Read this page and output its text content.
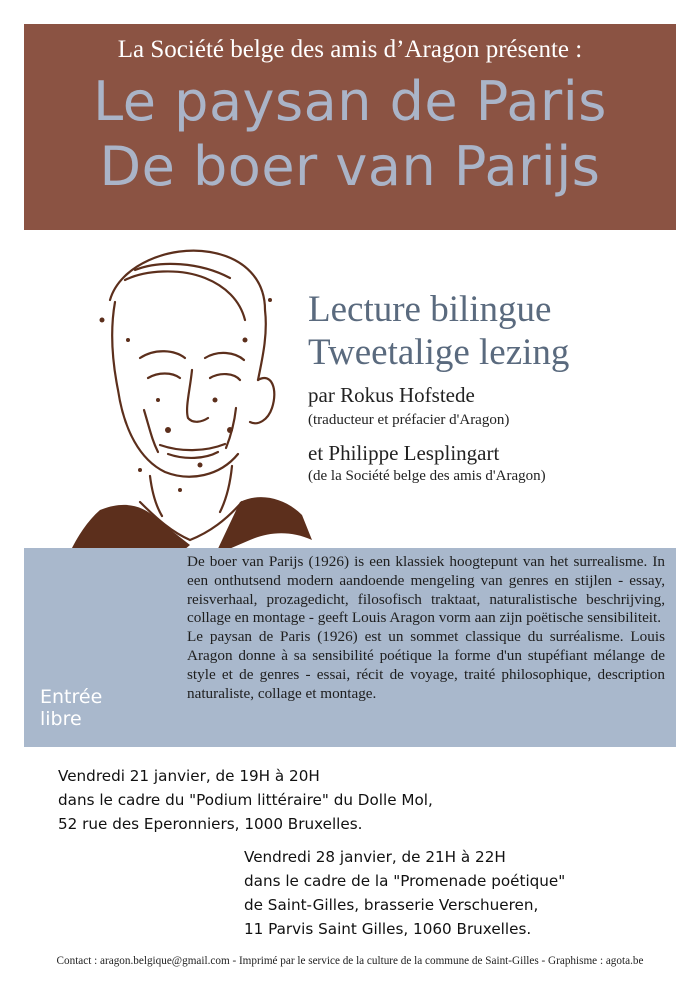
La Société belge des amis d’Aragon présente :
Le paysan de Paris
De boer van Parijs
Lecture bilingue
Tweetalige lezing
par Rokus Hofstede
(traducteur et préfacier d'Aragon)
et Philippe Lesplingart
(de la Société belge des amis d'Aragon)
Entrée
libre

De boer van Parijs (1926) is een klassiek hoogtepunt van het surrealisme. In een onthutsend modern aandoende mengeling van genres en stijlen - essay, reisverhaal, prozagedicht, filosofisch traktaat, naturalistische beschrijving, collage en montage - geeft Louis Aragon vorm aan zijn poëtische sensibiliteit.

Le paysan de Paris (1926) est un sommet classique du surréalisme. Louis Aragon donne à sa sensibilité poétique la forme d'un stupéfiant mélange de style et de genres - essai, récit de voyage, traité philosophique, description naturaliste, collage et montage.

Vendredi 21 janvier, de 19H à 20H
dans le cadre du "Podium littéraire" du Dolle Mol,
52 rue des Eperonniers, 1000 Bruxelles.
Vendredi 28 janvier, de 21H à 22H
dans le cadre de la "Promenade poétique"
de Saint-Gilles, brasserie Verschueren,
11 Parvis Saint Gilles, 1060 Bruxelles.
Contact : aragon.belgique@gmail.com - Imprimé par le service de la culture de la commune de Saint-Gilles - Graphisme : agota.be
